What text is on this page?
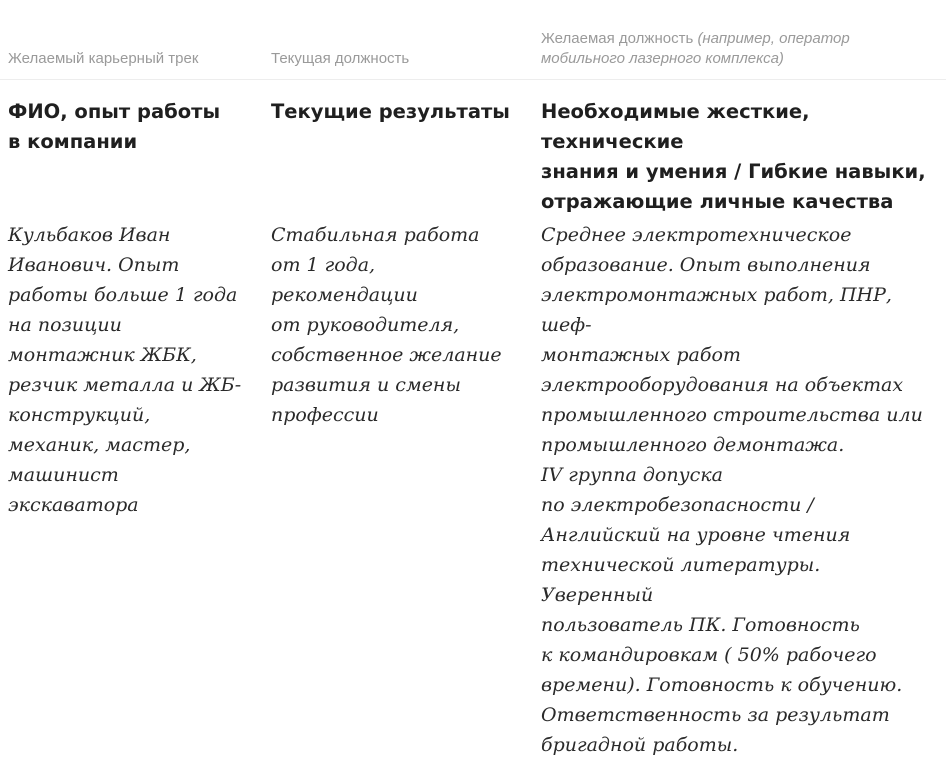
Желаемый карьерный трек	Текущая должность
Желаемая должность (например, оператор мобильного лазерного комплекса)
ФИО, опыт работы
в компании
Текущие результаты	Необходимые жесткие, технические
знания и умения / Гибкие навыки,
отражающие личные качества
Кульбаков Иван
Иванович. Опыт
работы больше 1 года
на позиции
монтажник ЖБК,
резчик металла и ЖБ-
конструкций,
механик, мастер,
машинист
экскаватора
Стабильная работа
от 1 года,
рекомендации
от руководителя,
собственное желание
развития и смены
профессии
Среднее электротехническое
образование. Опыт выполнения
электромонтажных работ, ПНР, шеф-
монтажных работ
электрооборудования на объектах
промышленного строительства или
промышленного демонтажа.
IV группа допуска
по электробезопасности /
Английский на уровне чтения
технической литературы. Уверенный
пользователь ПК. Готовность
к командировкам ( 50% рабочего
времени). Готовность к обучению.
Ответственность за результат
бригадной работы.
